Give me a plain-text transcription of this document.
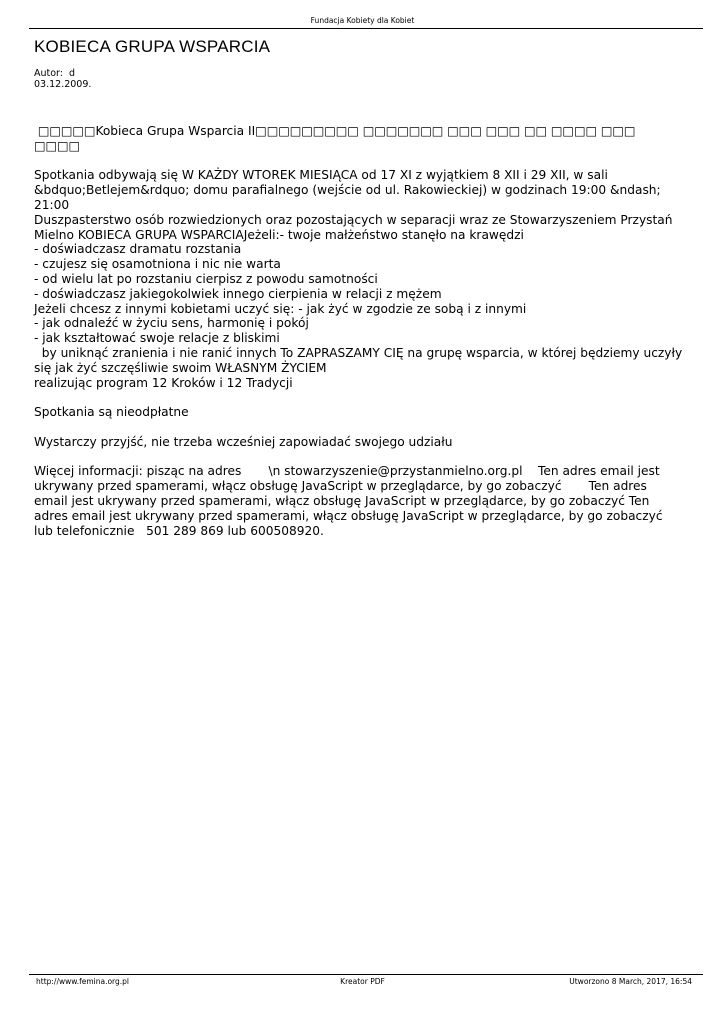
Fundacja Kobiety dla Kobiet
KOBIECA GRUPA WSPARCIA
Autor:  d
03.12.2009.

□□□□□Kobieca Grupa Wsparcia II□□□□□□□□□ □□□□□□□ □□□ □□□ □□ □□□□ □□□ □□□□

Spotkania odbywają się W KAŻDY WTOREK MIESIĄCA od 17 XI z wyjątkiem 8 XII i 29 XII, w sali &bdquo;Betlejem&rdquo; domu parafialnego (wejście od ul. Rakowieckiej) w godzinach 19:00 &ndash; 21:00
Duszpasterstwo osób rozwiedzionych oraz pozostających w separacji wraz ze Stowarzyszeniem Przystań Mielno KOBIECA GRUPA WSPARCIAJeżeli:- twoje małżeństwo stanęło na krawędzi
- doświadczasz dramatu rozstania
- czujesz się osamotniona i nic nie warta
- od wielu lat po rozstaniu cierpisz z powodu samotności
- doświadczasz jakiegokolwiek innego cierpienia w relacji z mężem
Jeżeli chcesz z innymi kobietami uczyć się: - jak żyć w zgodzie ze sobą i z innymi
- jak odnaleźć w życiu sens, harmonię i pokój
- jak kształtować swoje relacje z bliskimi
by uniknąć zranienia i nie ranić innych To ZAPRASZAMY CIĘ na grupę wsparcia, w której będziemy uczyły się jak żyć szczęśliwie swoim WŁASNYM ŻYCIEM
realizując program 12 Kroków i 12 Tradycji

Spotkania są nieodpłatne

Wystarczy przyjść, nie trzeba wcześniej zapowiadać swojego udziału

Więcej informacji: pisząc na adres       \n stowarzyszenie@przystanmielno.org.pl    Ten adres email jest ukrywany przed spamerami, włącz obsługę JavaScript w przeglądarce, by go zobaczyć       Ten adres email jest ukrywany przed spamerami, włącz obsługę JavaScript w przeglądarce, by go zobaczyć Ten adres email jest ukrywany przed spamerami, włącz obsługę JavaScript w przeglądarce, by go zobaczyć lub telefonicznie   501 289 869 lub 600508920.

http://www.femina.org.pl	Kreator PDF	Utworzono 8 March, 2017, 16:54
